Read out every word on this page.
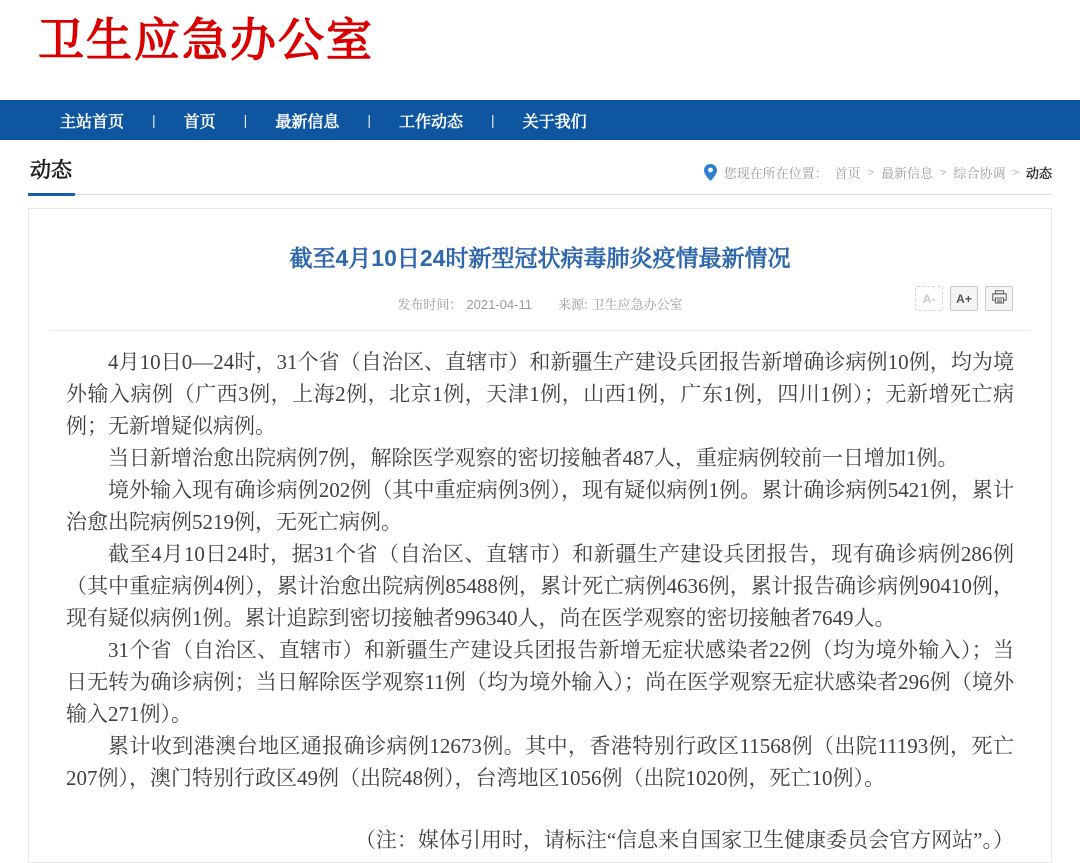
卫生应急办公室
主站首页	|	首页	|	最新信息	|	工作动态	|	关于我们
动态	您现在所在位置： 首页 > 最新信息 > 综合协调 > 动态
截至4月10日24时新型冠状病毒肺炎疫情最新情况
发布时间： 2021-04-11 来源: 卫生应急办公室	A-	A+

4月10日0—24时，31个省（自治区、直辖市）和新疆生产建设兵团报告新增确诊病例10例，均为境外输入病例（广西3例，上海2例，北京1例，天津1例，山西1例，广东1例，四川1例）；无新增死亡病例；无新增疑似病例。

当日新增治愈出院病例7例，解除医学观察的密切接触者487人，重症病例较前一日增加1例。

境外输入现有确诊病例202例（其中重症病例3例），现有疑似病例1例。累计确诊病例5421例，累计治愈出院病例5219例，无死亡病例。

截至4月10日24时，据31个省（自治区、直辖市）和新疆生产建设兵团报告，现有确诊病例286例（其中重症病例4例），累计治愈出院病例85488例，累计死亡病例4636例，累计报告确诊病例90410例，现有疑似病例1例。累计追踪到密切接触者996340人，尚在医学观察的密切接触者7649人。

31个省（自治区、直辖市）和新疆生产建设兵团报告新增无症状感染者22例（均为境外输入）；当日无转为确诊病例；当日解除医学观察11例（均为境外输入）；尚在医学观察无症状感染者296例（境外输入271例）。

累计收到港澳台地区通报确诊病例12673例。其中，香港特别行政区11568例（出院11193例，死亡207例），澳门特别行政区49例（出院48例），台湾地区1056例（出院1020例，死亡10例）。

（注：媒体引用时，请标注“信息来自国家卫生健康委员会官方网站”。）
